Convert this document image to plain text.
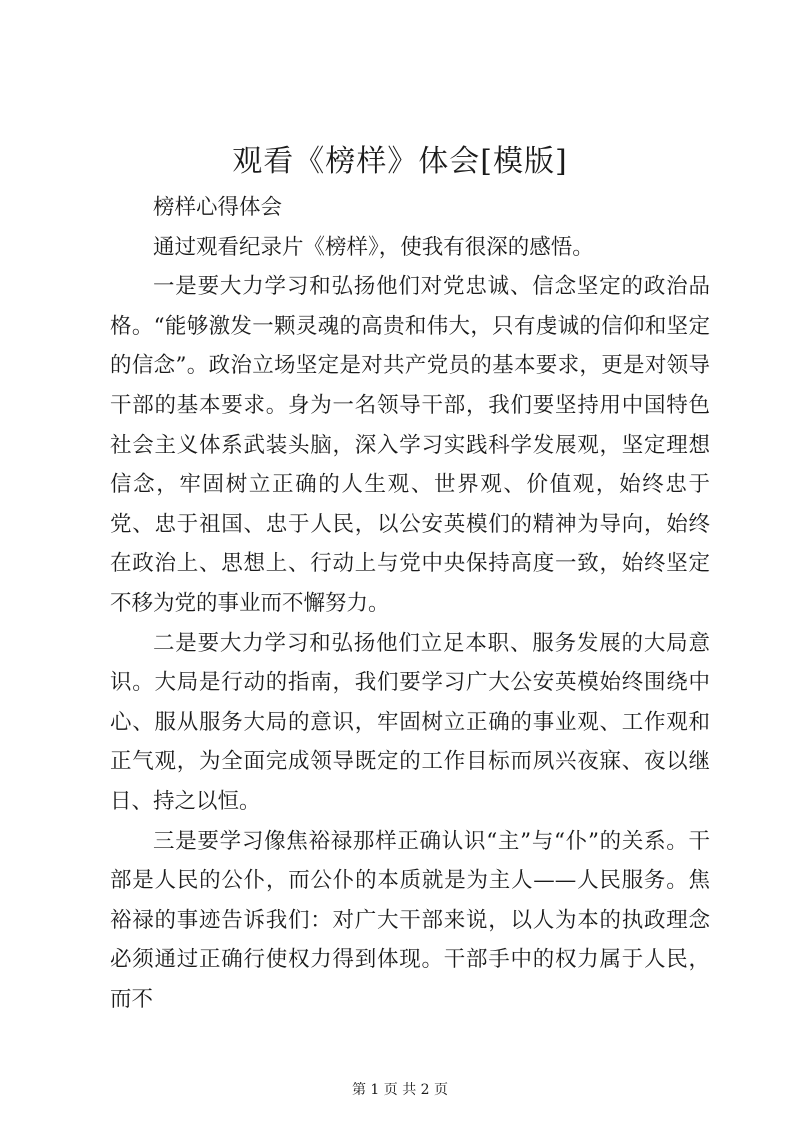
观看《榜样》体会[模版]

榜样心得体会

通过观看纪录片《榜样》，使我有很深的感悟。

一是要大力学习和弘扬他们对党忠诚、信念坚定的政治品格。“能够激发一颗灵魂的高贵和伟大，只有虔诚的信仰和坚定的信念”。政治立场坚定是对共产党员的基本要求，更是对领导干部的基本要求。身为一名领导干部，我们要坚持用中国特色社会主义体系武装头脑，深入学习实践科学发展观，坚定理想信念，牢固树立正确的人生观、世界观、价值观，始终忠于党、忠于祖国、忠于人民，以公安英模们的精神为导向，始终在政治上、思想上、行动上与党中央保持高度一致，始终坚定不移为党的事业而不懈努力。

二是要大力学习和弘扬他们立足本职、服务发展的大局意识。大局是行动的指南，我们要学习广大公安英模始终围绕中心、服从服务大局的意识，牢固树立正确的事业观、工作观和正气观，为全面完成领导既定的工作目标而夙兴夜寐、夜以继日、持之以恒。

三是要学习像焦裕禄那样正确认识“主”与“仆”的关系。干部是人民的公仆，而公仆的本质就是为主人——人民服务。焦裕禄的事迹告诉我们：对广大干部来说，以人为本的执政理念必须通过正确行使权力得到体现。干部手中的权力属于人民，而不

第 1 页 共 2 页
